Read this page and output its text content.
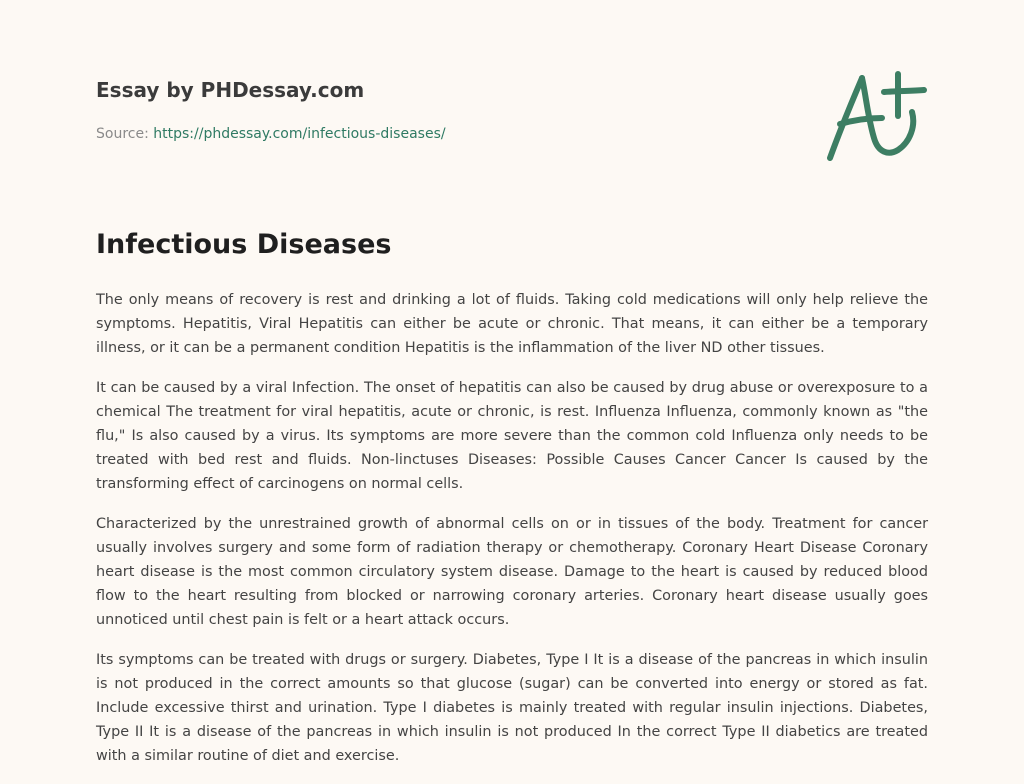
Essay by PHDessay.com
Source: https://phdessay.com/infectious-diseases/
Infectious Diseases

The only means of recovery is rest and drinking a lot of fluids. Taking cold medications will only help relieve the symptoms. Hepatitis, Viral Hepatitis can either be acute or chronic. That means, it can either be a temporary illness, or it can be a permanent condition Hepatitis is the inflammation of the liver ND other tissues.

It can be caused by a viral Infection. The onset of hepatitis can also be caused by drug abuse or overexposure to a chemical The treatment for viral hepatitis, acute or chronic, is rest. Influenza Influenza, commonly known as "the flu," Is also caused by a virus. Its symptoms are more severe than the common cold Influenza only needs to be treated with bed rest and fluids. Non-linctuses Diseases: Possible Causes Cancer Cancer Is caused by the transforming effect of carcinogens on normal cells.

Characterized by the unrestrained growth of abnormal cells on or in tissues of the body. Treatment for cancer usually involves surgery and some form of radiation therapy or chemotherapy. Coronary Heart Disease Coronary heart disease is the most common circulatory system disease. Damage to the heart is caused by reduced blood flow to the heart resulting from blocked or narrowing coronary arteries. Coronary heart disease usually goes unnoticed until chest pain is felt or a heart attack occurs.

Its symptoms can be treated with drugs or surgery. Diabetes, Type I It is a disease of the pancreas in which insulin is not produced in the correct amounts so that glucose (sugar) can be converted into energy or stored as fat. Include excessive thirst and urination. Type I diabetes is mainly treated with regular insulin injections. Diabetes, Type II It is a disease of the pancreas in which insulin is not produced In the correct Type II diabetics are treated with a similar routine of diet and exercise.
